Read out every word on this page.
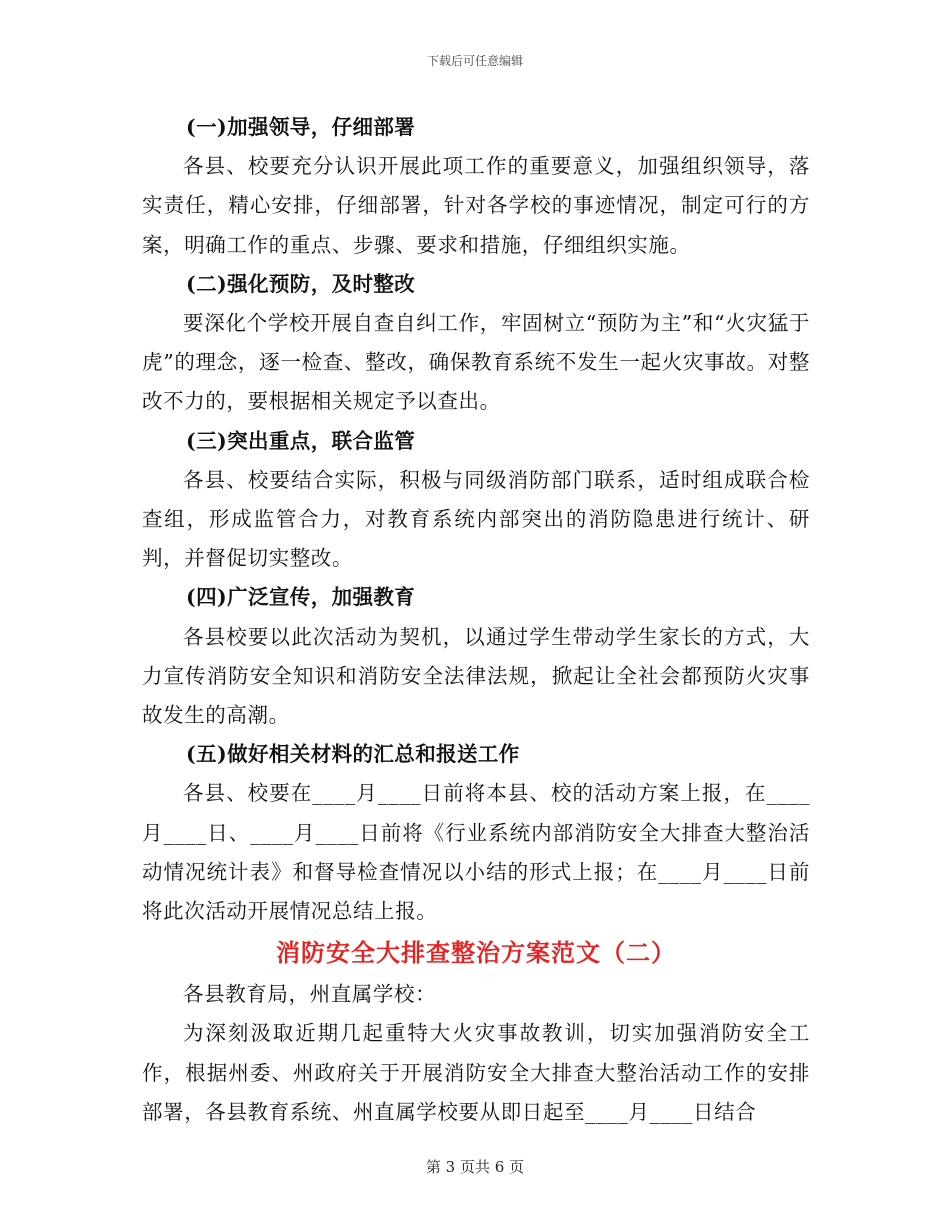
下载后可任意编辑
(一)加强领导，仔细部署

各县、校要充分认识开展此项工作的重要意义，加强组织领导，落实责任，精心安排，仔细部署，针对各学校的事迹情况，制定可行的方案，明确工作的重点、步骤、要求和措施，仔细组织实施。

(二)强化预防，及时整改

要深化个学校开展自查自纠工作，牢固树立“预防为主”和“火灾猛于虎”的理念，逐一检查、整改，确保教育系统不发生一起火灾事故。对整改不力的，要根据相关规定予以查出。

(三)突出重点，联合监管

各县、校要结合实际，积极与同级消防部门联系，适时组成联合检查组，形成监管合力，对教育系统内部突出的消防隐患进行统计、研判，并督促切实整改。

(四)广泛宣传，加强教育

各县校要以此次活动为契机，以通过学生带动学生家长的方式，大力宣传消防安全知识和消防安全法律法规，掀起让全社会都预防火灾事故发生的高潮。

(五)做好相关材料的汇总和报送工作

各县、校要在____月____日前将本县、校的活动方案上报，在____月____日、____月____日前将《行业系统内部消防安全大排查大整治活动情况统计表》和督导检查情况以小结的形式上报；在____月____日前将此次活动开展情况总结上报。

消防安全大排查整治方案范文（二）

各县教育局，州直属学校：

为深刻汲取近期几起重特大火灾事故教训，切实加强消防安全工作，根据州委、州政府关于开展消防安全大排查大整治活动工作的安排部署，各县教育系统、州直属学校要从即日起至____月____日结合

第 3 页共 6 页
